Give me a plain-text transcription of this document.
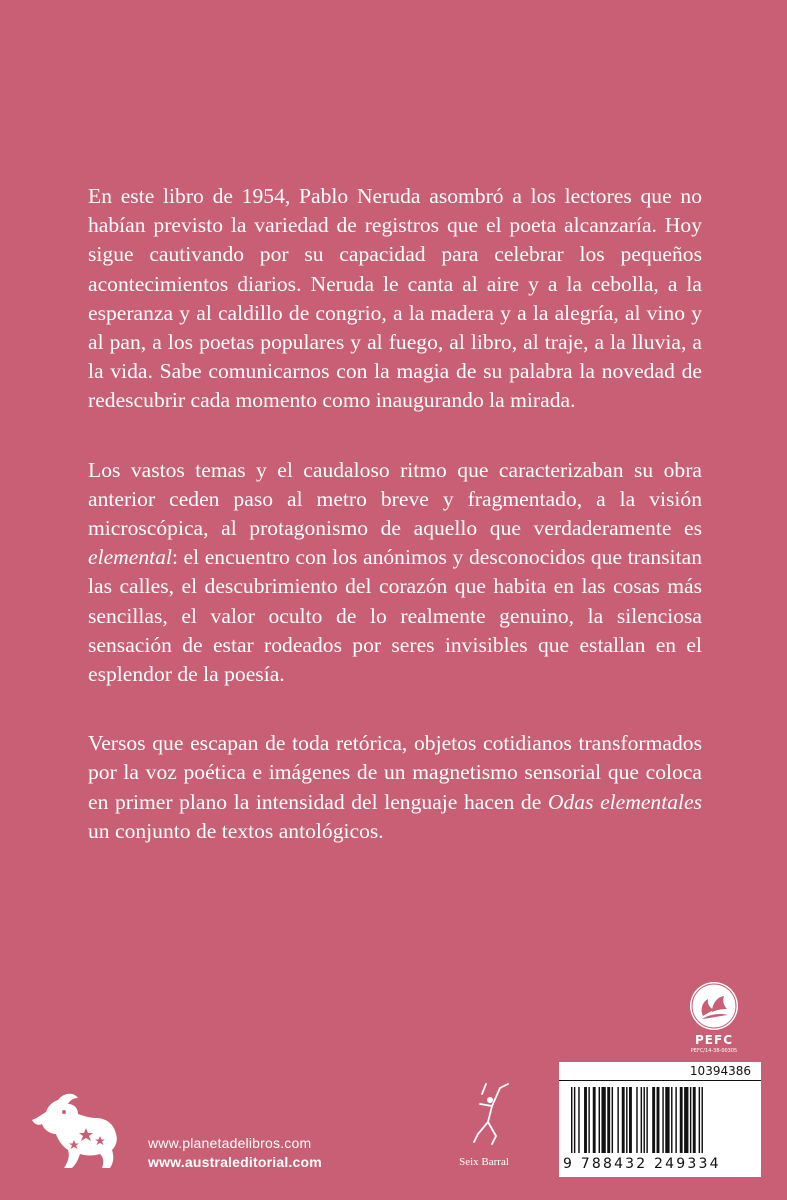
En este libro de 1954, Pablo Neruda asombró a los lectores que no habían previsto la variedad de registros que el poeta alcanzaría. Hoy sigue cautivando por su capacidad para celebrar los pequeños acontecimientos diarios. Neruda le canta al aire y a la cebolla, a la esperanza y al caldillo de congrio, a la madera y a la alegría, al vino y al pan, a los poetas populares y al fuego, al libro, al traje, a la lluvia, a la vida. Sabe comunicarnos con la magia de su palabra la novedad de redescubrir cada momento como inaugurando la mirada.

Los vastos temas y el caudaloso ritmo que caracterizaban su obra anterior ceden paso al metro breve y fragmentado, a la visión microscópica, al protagonismo de aquello que verdaderamente es elemental: el encuentro con los anónimos y desconocidos que transitan las calles, el descubrimiento del corazón que habita en las cosas más sencillas, el valor oculto de lo realmente genuino, la silenciosa sensación de estar rodeados por seres invisibles que estallan en el esplendor de la poesía.

Versos que escapan de toda retórica, objetos cotidianos transformados por la voz poética e imágenes de un magnetismo sensorial que coloca en primer plano la intensidad del lenguaje hacen de Odas elementales un conjunto de textos antológicos.

PEFC
PEFC/14-38-00305
www.planetadelibros.com
www.australeditorial.com	Seix Barral
10394386
9 788432 249334
